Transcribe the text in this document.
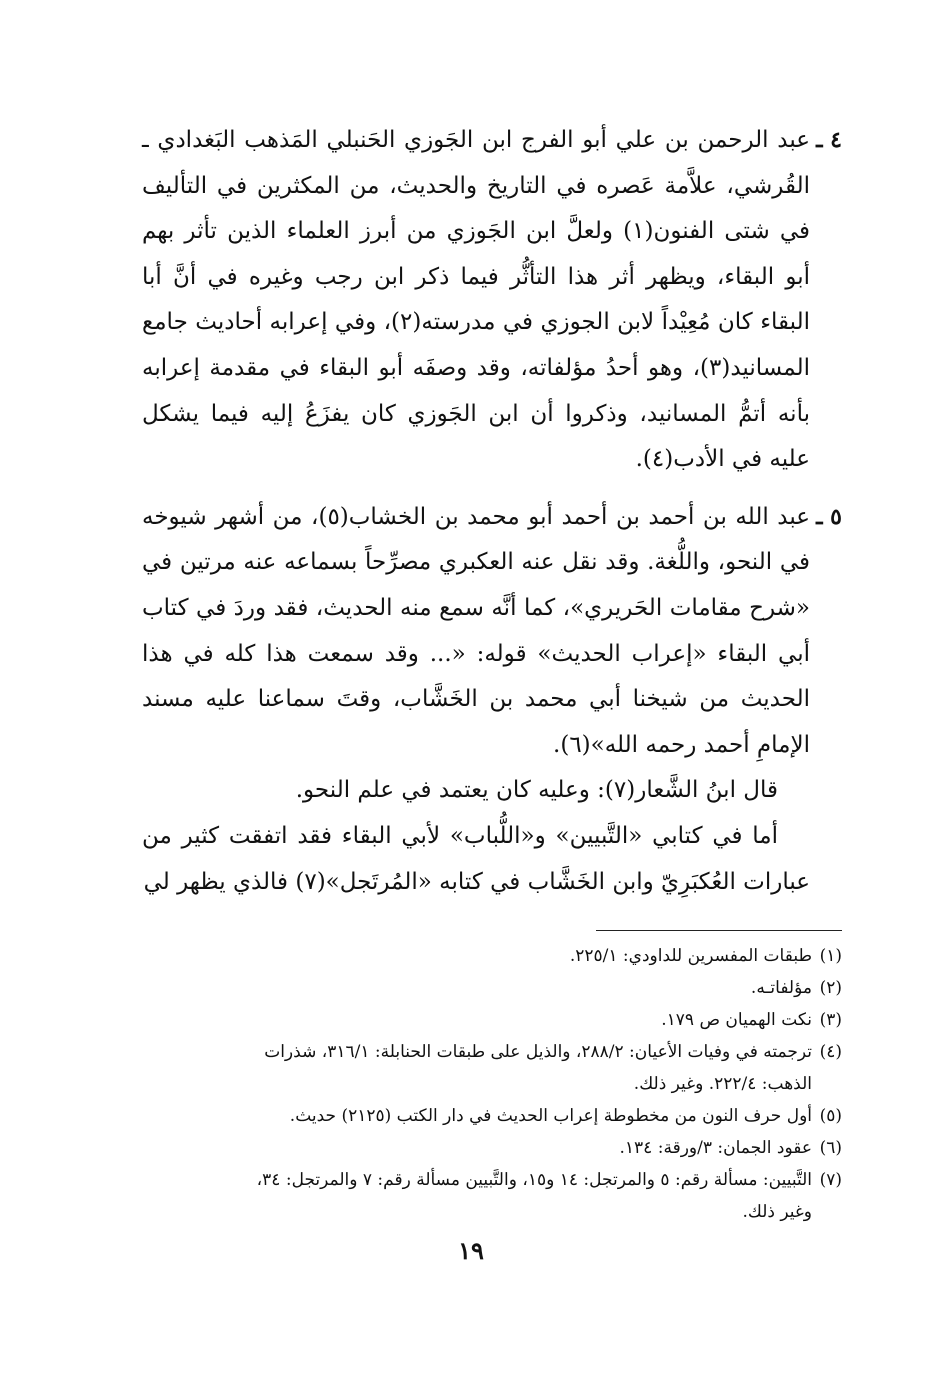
٤ ـ
عبد الرحمن بن علي أبو الفرج ابن الجَوزي الحَنبلي المَذهب البَغدادي ـ القُرشي، علاَّمة عَصره في التاريخ والحديث، من المكثرين في التأليف في شتى الفنون(١) ولعلَّ ابن الجَوزي من أبرز العلماء الذين تأثر بهم أبو البقاء، ويظهر أثر هذا التأثُّر فيما ذكر ابن رجب وغيره في أنَّ أبا البقاء كان مُعِيْداً لابن الجوزي في مدرسته(٢)، وفي إعرابه أحاديث جامع المسانيد(٣)، وهو أحدُ مؤلفاته، وقد وصفَه أبو البقاء في مقدمة إعرابه بأنه أتمُّ المسانيد، وذكروا أن ابن الجَوزي كان يفزَعُ إليه فيما يشكل عليه في الأدب(٤).
٥ ـ
عبد الله بن أحمد بن أحمد أبو محمد بن الخشاب(٥)، من أشهر شيوخه في النحو، واللُّغة. وقد نقل عنه العكبري مصرِّحاً بسماعه عنه مرتين في «شرح مقامات الحَريري»، كما أنَّه سمع منه الحديث، فقد وردَ في كتاب أبي البقاء «إعراب الحديث» قوله: «... وقد سمعت هذا كله في هذا الحديث من شيخنا أبي محمد بن الخَشَّاب، وقتَ سماعنا عليه مسند الإمامِ أحمد رحمه الله»(٦).
قال ابنُ الشَّعار(٧): وعليه كان يعتمد في علم النحو.
أما في كتابي «التَّبيين» و«اللُّباب» لأبي البقاء فقد اتفقت كثير من عبارات العُكبَرِيّ وابن الخَشَّاب في كتابه «المُرتَجل»(٧) فالذي يظهر لي
(١)طبقات المفسرين للداودي: ٢٢٥/١.
(٢)مؤلفاتـه.
(٣)نكت الهميان ص ١٧٩.
(٤)ترجمته في وفيات الأعيان: ٢٨٨/٢، والذيل على طبقات الحنابلة: ٣١٦/١، شذرات
الذهب: ٢٢٢/٤. وغير ذلك.
(٥)أول حرف النون من مخطوطة إعراب الحديث في دار الكتب (٢١٢٥) حديث.
(٦)عقود الجمان: ٣/ورقة: ١٣٤.
(٧)التَّبيين: مسألة رقم: ٥ والمرتجل: ١٤ و١٥، والتَّبيين مسألة رقم: ٧ والمرتجل: ٣٤،
وغير ذلك.
١٩
